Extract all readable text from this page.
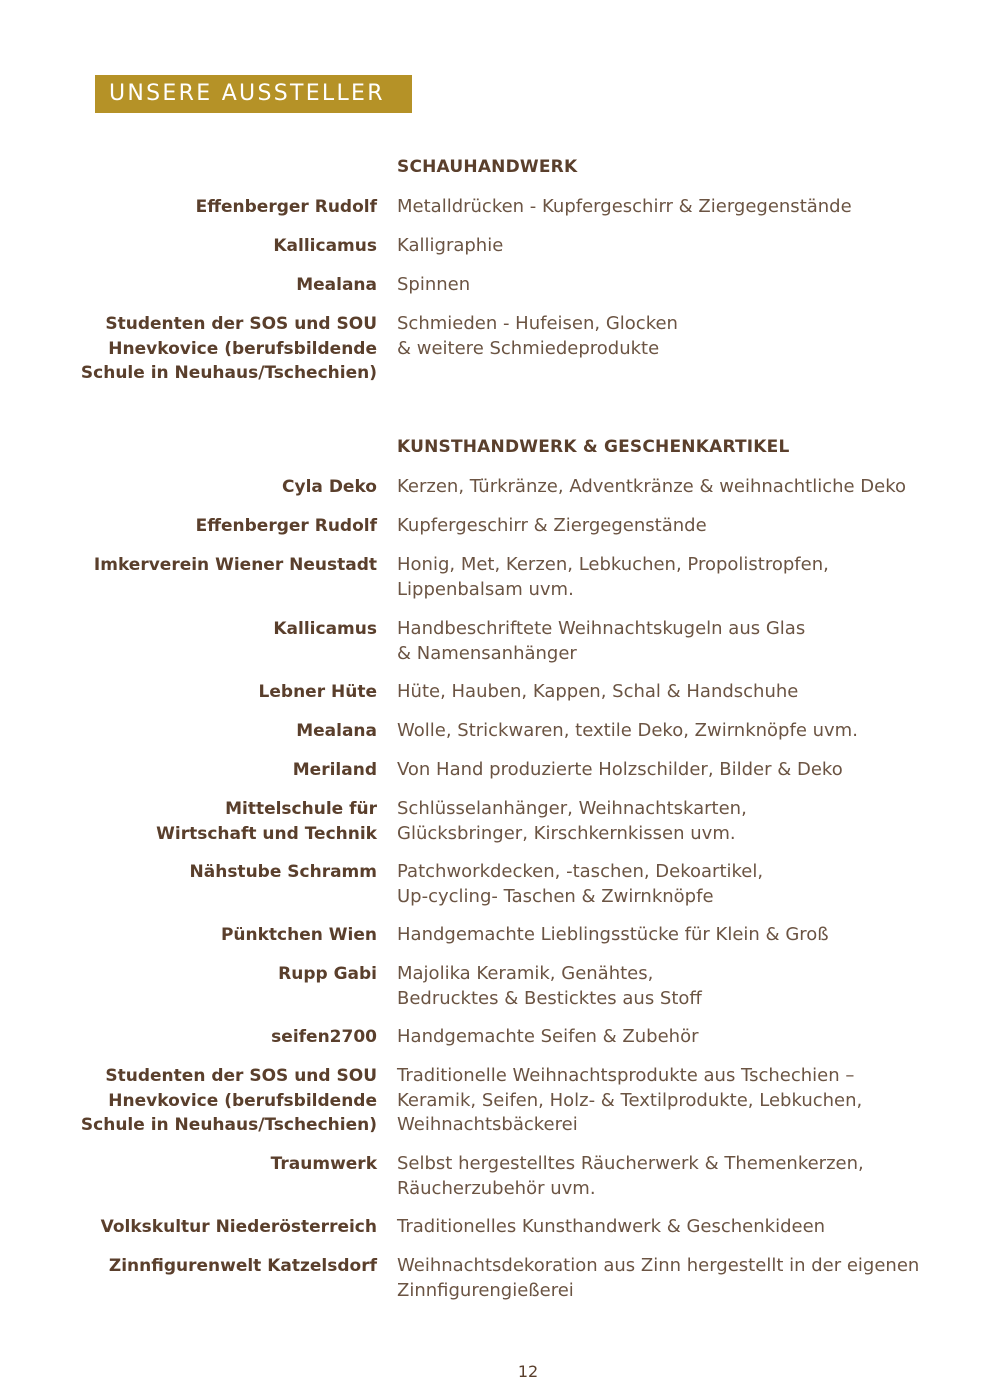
UNSERE AUSSTELLER
SCHAUHANDWERK
Effenberger Rudolf Metalldrücken - Kupfergeschirr & Ziergegenstände
Kallicamus Kalligraphie
Mealana Spinnen
Studenten der SOS und SOU
Hnevkovice (berufsbildende
Schule in Neuhaus/Tschechien)
Schmieden - Hufeisen, Glocken
& weitere Schmiedeprodukte
KUNSTHANDWERK & GESCHENKARTIKEL
Cyla Deko Kerzen, Türkränze, Adventkränze & weihnachtliche Deko
Effenberger Rudolf Kupfergeschirr & Ziergegenstände
Imkerverein Wiener Neustadt Honig, Met, Kerzen, Lebkuchen, Propolistropfen,
Lippenbalsam uvm.
Kallicamus Handbeschriftete Weihnachtskugeln aus Glas
& Namensanhänger
Lebner Hüte Hüte, Hauben, Kappen, Schal & Handschuhe
Mealana Wolle, Strickwaren, textile Deko, Zwirnknöpfe uvm.
Meriland Von Hand produzierte Holzschilder, Bilder & Deko
Mittelschule für
Wirtschaft und Technik
Schlüsselanhänger, Weihnachtskarten,
Glücksbringer, Kirschkernkissen uvm.
Nähstube Schramm Patchworkdecken, -taschen, Dekoartikel,
Up-cycling- Taschen & Zwirnknöpfe
Pünktchen Wien Handgemachte Lieblingsstücke für Klein & Groß
Rupp Gabi Majolika Keramik, Genähtes,
Bedrucktes & Besticktes aus Stoff
seifen2700 Handgemachte Seifen & Zubehör
Studenten der SOS und SOU
Hnevkovice (berufsbildende
Schule in Neuhaus/Tschechien)
Traditionelle Weihnachtsprodukte aus Tschechien –
Keramik, Seifen, Holz- & Textilprodukte, Lebkuchen,
Weihnachtsbäckerei
Traumwerk Selbst hergestelltes Räucherwerk & Themenkerzen,
Räucherzubehör uvm.
Volkskultur Niederösterreich Traditionelles Kunsthandwerk & Geschenkideen
Zinnfigurenwelt Katzelsdorf Weihnachtsdekoration aus Zinn hergestellt in der eigenen
Zinnfigurengießerei
12
